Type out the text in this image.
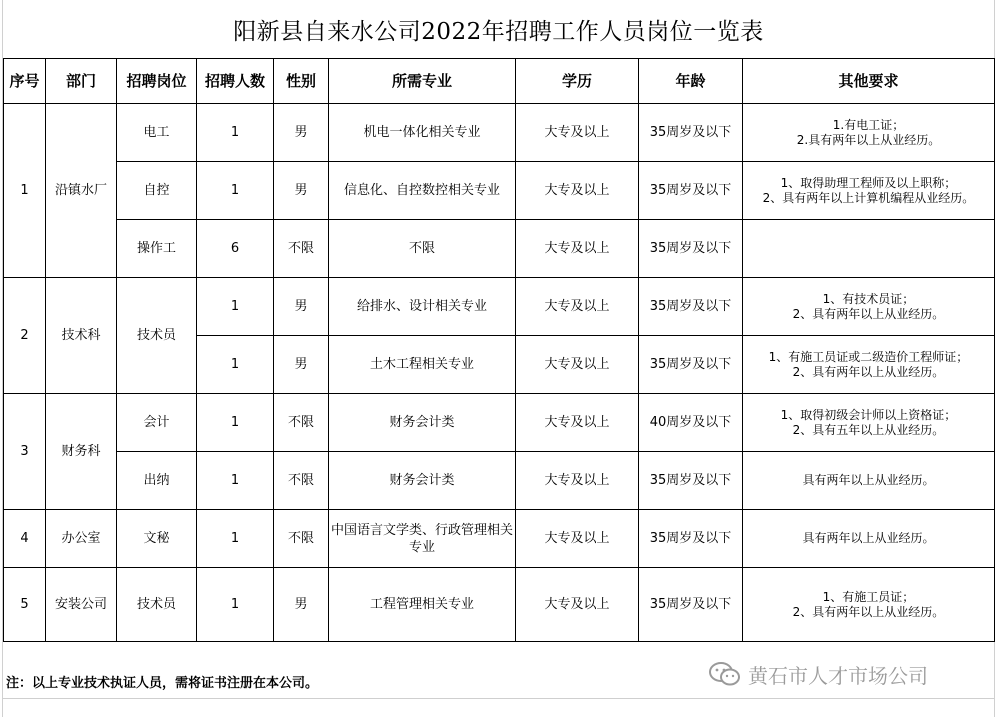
阳新县自来水公司2022年招聘工作人员岗位一览表
序号	部门	招聘岗位	招聘人数	性别	所需专业	学历	年龄	其他要求
1	沿镇水厂	电工	1	男	机电一体化相关专业	大专及以上	35周岁及以下	1.有电工证；
2.具有两年以上从业经历。

		自控	1	男	信息化、自控数控相关专业	大专及以上	35周岁及以下	1、取得助理工程师及以上职称；
2、具有两年以上计算机编程从业经历。

		操作工	6	不限	不限	大专及以上	35周岁及以下	
2	技术科	技术员	1	男	给排水、设计相关专业	大专及以上	35周岁及以下	1、有技术员证；
2、具有两年以上从业经历。

			1	男	土木工程相关专业	大专及以上	35周岁及以下	1、有施工员证或二级造价工程师证；
2、具有两年以上从业经历。

3	财务科	会计	1	不限	财务会计类	大专及以上	40周岁及以下	1、取得初级会计师以上资格证；
2、具有五年以上从业经历。

		出纳	1	不限	财务会计类	大专及以上	35周岁及以下	具有两年以上从业经历。

4	办公室	文秘	1	不限	中国语言文学类、行政管理相关专业	大专及以上	35周岁及以下	具有两年以上从业经历。

5	安装公司	技术员	1	男	工程管理相关专业	大专及以上	35周岁及以下	1、有施工员证；
2、具有两年以上从业经历。
注：以上专业技术执证人员，需将证书注册在本公司。	黄石市人才市场公司
